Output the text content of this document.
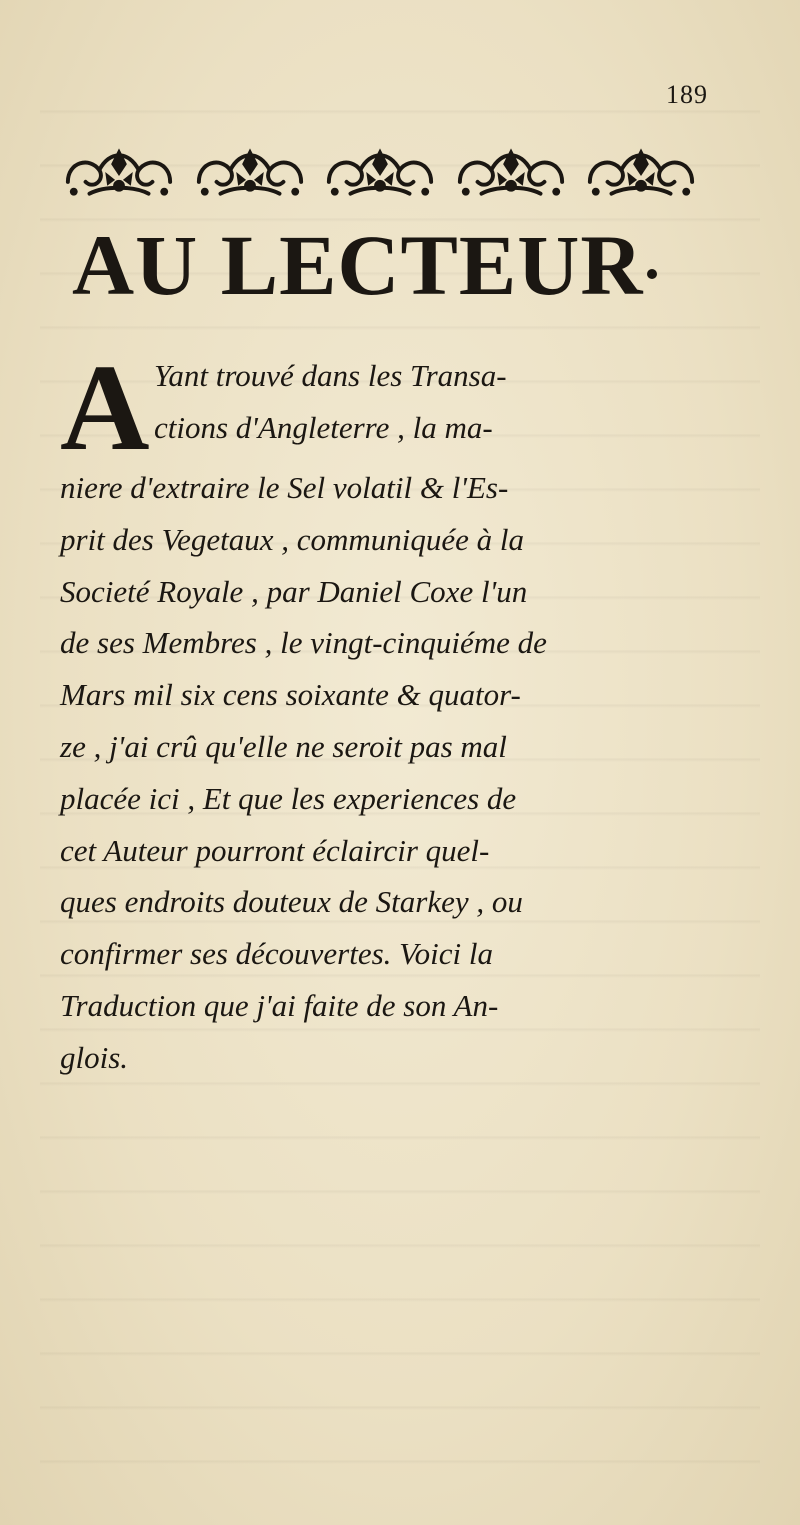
189
AU LECTEUR
A Yant trouvé dans les Transa-
ctions d'Angleterre , la ma-
niere d'extraire le Sel volatil & l'Es-
prit des Vegetaux , communiquée à la
Societé Royale , par Daniel Coxe l'un
de ses Membres , le vingt-cinquiéme de
Mars mil six cens soixante & quator-
ze , j'ai crû qu'elle ne seroit pas mal
placée ici , Et que les experiences de
cet Auteur pourront éclaircir quel-
ques endroits douteux de Starkey , ou
confirmer ses découvertes. Voici la
Traduction que j'ai faite de son An-
glois.
